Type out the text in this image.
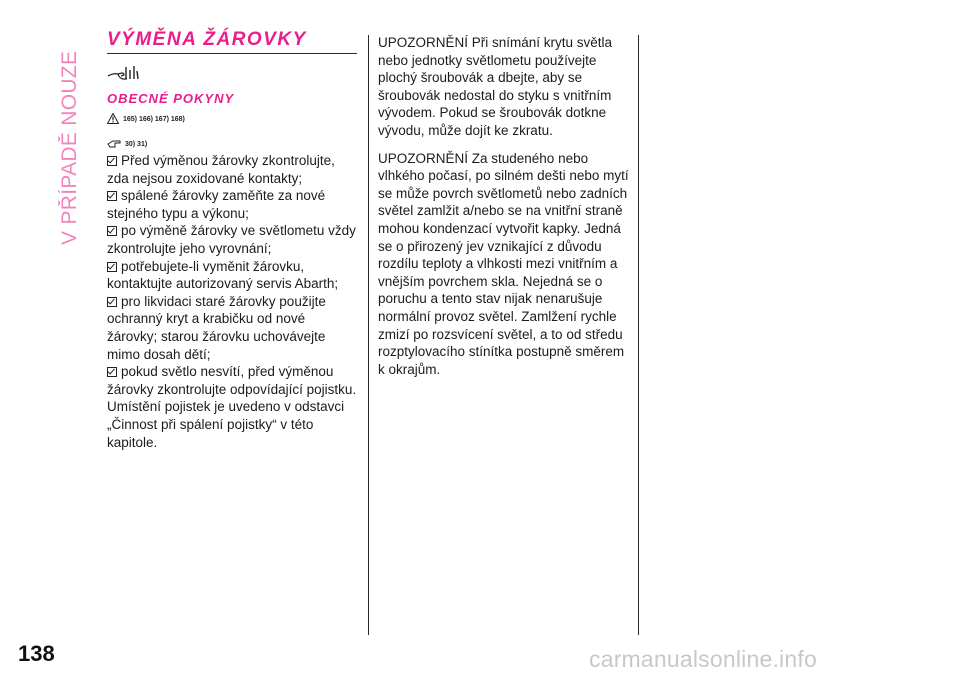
V PŘÍPADĚ NOUZE
VÝMĚNA ŽÁROVKY
OBECNÉ POKYNY
165) 166) 167) 168)
30) 31)
Před výměnou žárovky zkontrolujte, zda nejsou zoxidované kontakty;
spálené žárovky zaměňte za nové stejného typu a výkonu;
po výměně žárovky ve světlometu vždy zkontrolujte jeho vyrovnání;
potřebujete-li vyměnit žárovku, kontaktujte autorizovaný servis Abarth;
pro likvidaci staré žárovky použijte ochranný kryt a krabičku od nové žárovky; starou žárovku uchovávejte mimo dosah dětí;
pokud světlo nesvítí, před výměnou žárovky zkontrolujte odpovídající pojistku. Umístění pojistek je uvedeno v odstavci „Činnost při spálení pojistky“ v této kapitole.
UPOZORNĚNÍ Při snímání krytu světla nebo jednotky světlometu používejte plochý šroubovák a dbejte, aby se šroubovák nedostal do styku s vnitřním vývodem. Pokud se šroubovák dotkne vývodu, může dojít ke zkratu.
UPOZORNĚNÍ Za studeného nebo vlhkého počasí, po silném dešti nebo mytí se může povrch světlometů nebo zadních světel zamlžit a/nebo se na vnitřní straně mohou kondenzací vytvořit kapky. Jedná se o přirozený jev vznikající z důvodu rozdílu teploty a vlhkosti mezi vnitřním a vnějším povrchem skla. Nejedná se o poruchu a tento stav nijak nenarušuje normální provoz světel. Zamlžení rychle zmizí po rozsvícení světel, a to od středu rozptylovacího stínítka postupně směrem k okrajům.
138	carmanualsonline.info
